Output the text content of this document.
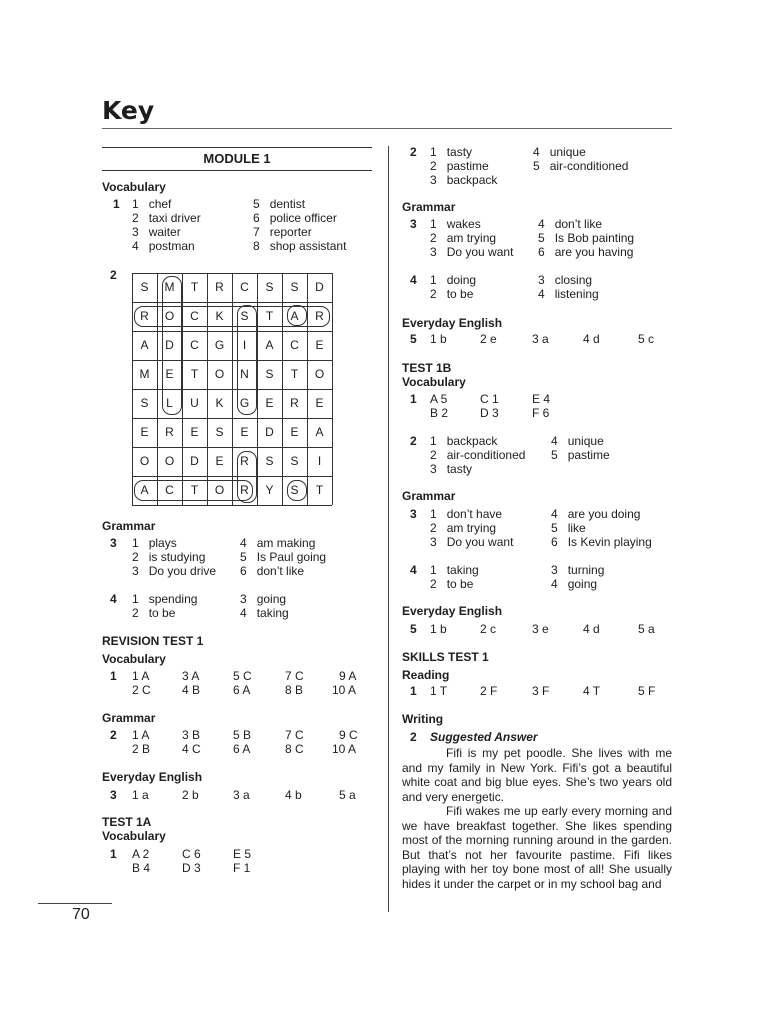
Key
MODULE 1
Vocabulary
1 1 chef
2 taxi driver
3 waiter
4 postman
5 dentist
6 police officer
7 reporter
8 shop assistant
2
S	M	T	R	C	S	S	D
R	O	C	K	S	T	A	R
A	D	C	G	I	A	C	E
M	E	T	O	N	S	T	O
S	L	U	K	G	E	R	E
E	R	E	S	E	D	E	A
O	O	D	E	R	S	S	I
A	C	T	O	R	Y	S	T
Grammar
3 1 plays
2 is studying
3 Do you drive
4 am making
5 Is Paul going
6 don’t like
4 1 spending
2 to be
3 going
4 taking
REVISION TEST 1
Vocabulary
1 1 A	3 A	5 C	7 C	9 A
2 C	4 B	6 A	8 B 10 A
Grammar
2 1 A	3 B	5 B	7 C	9 C
2 B	4 C	6 A	8 C 10 A
Everyday English
3 1 a	2 b	3 a	4 b	5 a
TEST 1A
Vocabulary
1 A 2	C 6	E 5
B 4	D 3	F 1
2 1 tasty
2 pastime
3 backpack
4 unique
5 air-conditioned
Grammar
3 1 wakes
2 am trying
3 Do you want
4 don’t like
5 Is Bob painting
6 are you having
4 1 doing
2 to be
3 closing
4 listening
Everyday English
5 1 b	2 e	3 a	4 d	5 c
TEST 1B
Vocabulary
1 A 5	C 1	E 4
B 2	D 3	F 6
2 1 backpack
2 air-conditioned
3 tasty
4 unique
5 pastime
Grammar
3 1 don’t have
2 am trying
3 Do you want
4 are you doing
5 like
6 Is Kevin playing
4 1 taking
2 to be
3 turning
4 going
Everyday English
5 1 b	2 c	3 e	4 d	5 a
SKILLS TEST 1
Reading
1 1 T	2 F	3 F	4 T	5 F
Writing
2 Suggested Answer
Fifi is my pet poodle. She lives with me and my family in New York. Fifi’s got a beautiful white coat and big blue eyes. She’s two years old and very energetic.
Fifi wakes me up early every morning and we have breakfast together. She likes spending most of the morning running around in the garden. But that’s not her favourite pastime. Fifi likes playing with her toy bone most of all! She usually hides it under the carpet or in my school bag and
70
